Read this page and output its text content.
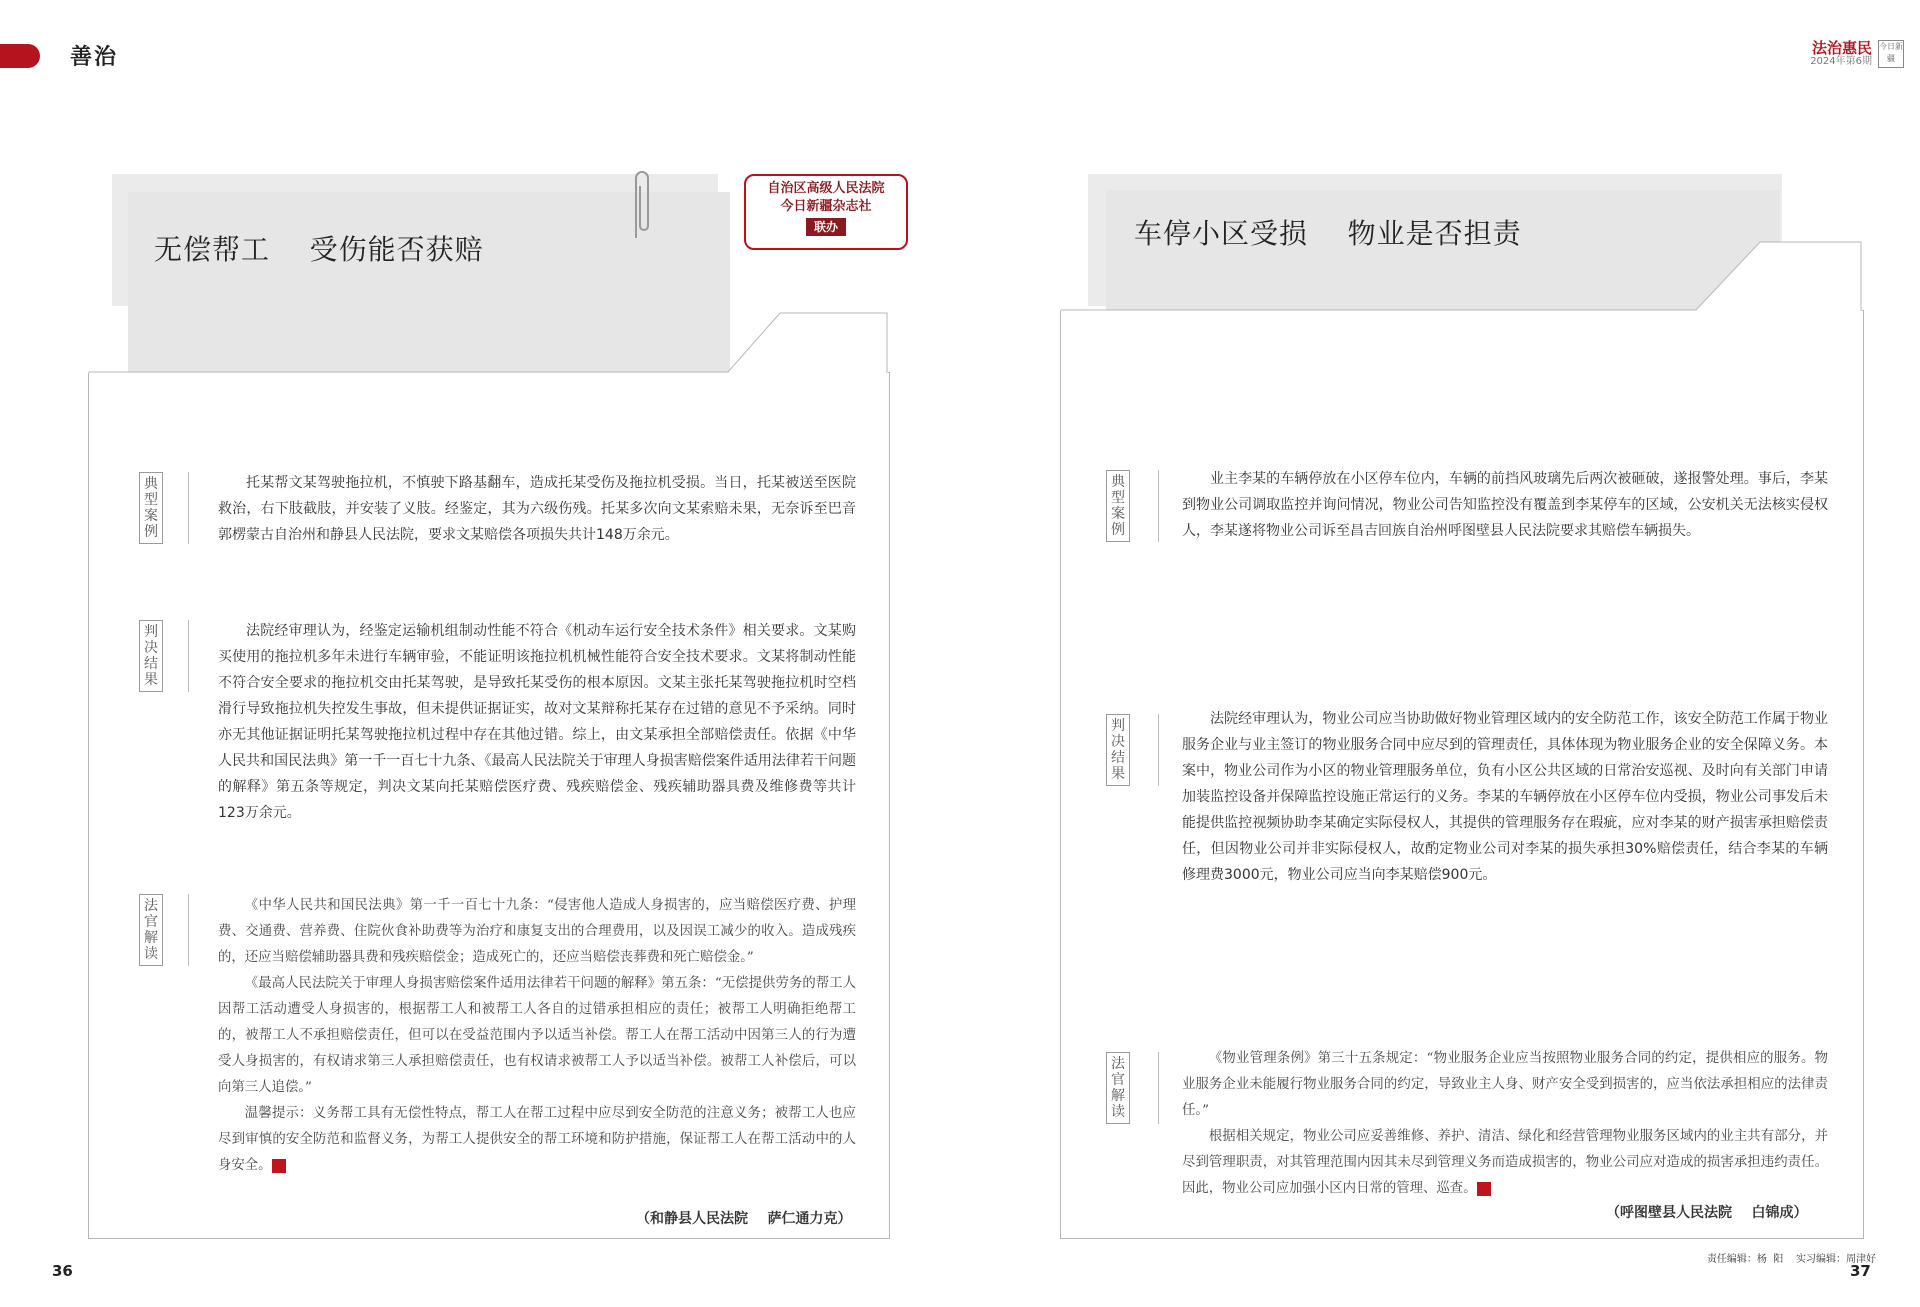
善治	法治惠民
2024年第6期
今日新疆
无偿帮工    受伤能否获赔
自治区高级人民法院
今日新疆杂志社
联办
典
型
案
例

托某帮文某驾驶拖拉机，不慎驶下路基翻车，造成托某受伤及拖拉机受损。当日，托某被送至医院救治，右下肢截肢，并安装了义肢。经鉴定，其为六级伤残。托某多次向文某索赔未果，无奈诉至巴音郭楞蒙古自治州和静县人民法院，要求文某赔偿各项损失共计148万余元。

判
决
结
果

法院经审理认为，经鉴定运输机组制动性能不符合《机动车运行安全技术条件》相关要求。文某购买使用的拖拉机多年未进行车辆审验，不能证明该拖拉机机械性能符合安全技术要求。文某将制动性能不符合安全要求的拖拉机交由托某驾驶，是导致托某受伤的根本原因。文某主张托某驾驶拖拉机时空档滑行导致拖拉机失控发生事故，但未提供证据证实，故对文某辩称托某存在过错的意见不予采纳。同时亦无其他证据证明托某驾驶拖拉机过程中存在其他过错。综上，由文某承担全部赔偿责任。依据《中华人民共和国民法典》第一千一百七十九条、《最高人民法院关于审理人身损害赔偿案件适用法律若干问题的解释》第五条等规定，判决文某向托某赔偿医疗费、残疾赔偿金、残疾辅助器具费及维修费等共计123万余元。

法
官
解
读

《中华人民共和国民法典》第一千一百七十九条：“侵害他人造成人身损害的，应当赔偿医疗费、护理费、交通费、营养费、住院伙食补助费等为治疗和康复支出的合理费用，以及因误工减少的收入。造成残疾的，还应当赔偿辅助器具费和残疾赔偿金；造成死亡的，还应当赔偿丧葬费和死亡赔偿金。”

《最高人民法院关于审理人身损害赔偿案件适用法律若干问题的解释》第五条：“无偿提供劳务的帮工人因帮工活动遭受人身损害的，根据帮工人和被帮工人各自的过错承担相应的责任；被帮工人明确拒绝帮工的，被帮工人不承担赔偿责任，但可以在受益范围内予以适当补偿。帮工人在帮工活动中因第三人的行为遭受人身损害的，有权请求第三人承担赔偿责任，也有权请求被帮工人予以适当补偿。被帮工人补偿后，可以向第三人追偿。”

温馨提示：义务帮工具有无偿性特点，帮工人在帮工过程中应尽到安全防范的注意义务；被帮工人也应尽到审慎的安全防范和监督义务，为帮工人提供安全的帮工环境和防护措施，保证帮工人在帮工活动中的人身安全。	J

（和静县人民法院    萨仁通力克）
36
车停小区受损    物业是否担责
典
型
案
例

业主李某的车辆停放在小区停车位内，车辆的前挡风玻璃先后两次被砸破，遂报警处理。事后，李某到物业公司调取监控并询问情况，物业公司告知监控没有覆盖到李某停车的区域，公安机关无法核实侵权人，李某遂将物业公司诉至昌吉回族自治州呼图壁县人民法院要求其赔偿车辆损失。

判
决
结
果

法院经审理认为，物业公司应当协助做好物业管理区域内的安全防范工作，该安全防范工作属于物业服务企业与业主签订的物业服务合同中应尽到的管理责任，具体体现为物业服务企业的安全保障义务。本案中，物业公司作为小区的物业管理服务单位，负有小区公共区域的日常治安巡视、及时向有关部门申请加装监控设备并保障监控设施正常运行的义务。李某的车辆停放在小区停车位内受损，物业公司事发后未能提供监控视频协助李某确定实际侵权人，其提供的管理服务存在瑕疵，应对李某的财产损害承担赔偿责任，但因物业公司并非实际侵权人，故酌定物业公司对李某的损失承担30%赔偿责任，结合李某的车辆修理费3000元，物业公司应当向李某赔偿900元。

法
官
解
读

《物业管理条例》第三十五条规定：“物业服务企业应当按照物业服务合同的约定，提供相应的服务。物业服务企业未能履行物业服务合同的约定，导致业主人身、财产安全受到损害的，应当依法承担相应的法律责任。”

根据相关规定，物业公司应妥善维修、养护、清洁、绿化和经营管理物业服务区域内的业主共有部分，并尽到管理职责，对其管理范围内因其未尽到管理义务而造成损害的，物业公司应对造成的损害承担违约责任。因此，物业公司应加强小区内日常的管理、巡查。	J

（呼图壁县人民法院    白锦成）
责任编辑：杨  阳    实习编辑：周津好
37
